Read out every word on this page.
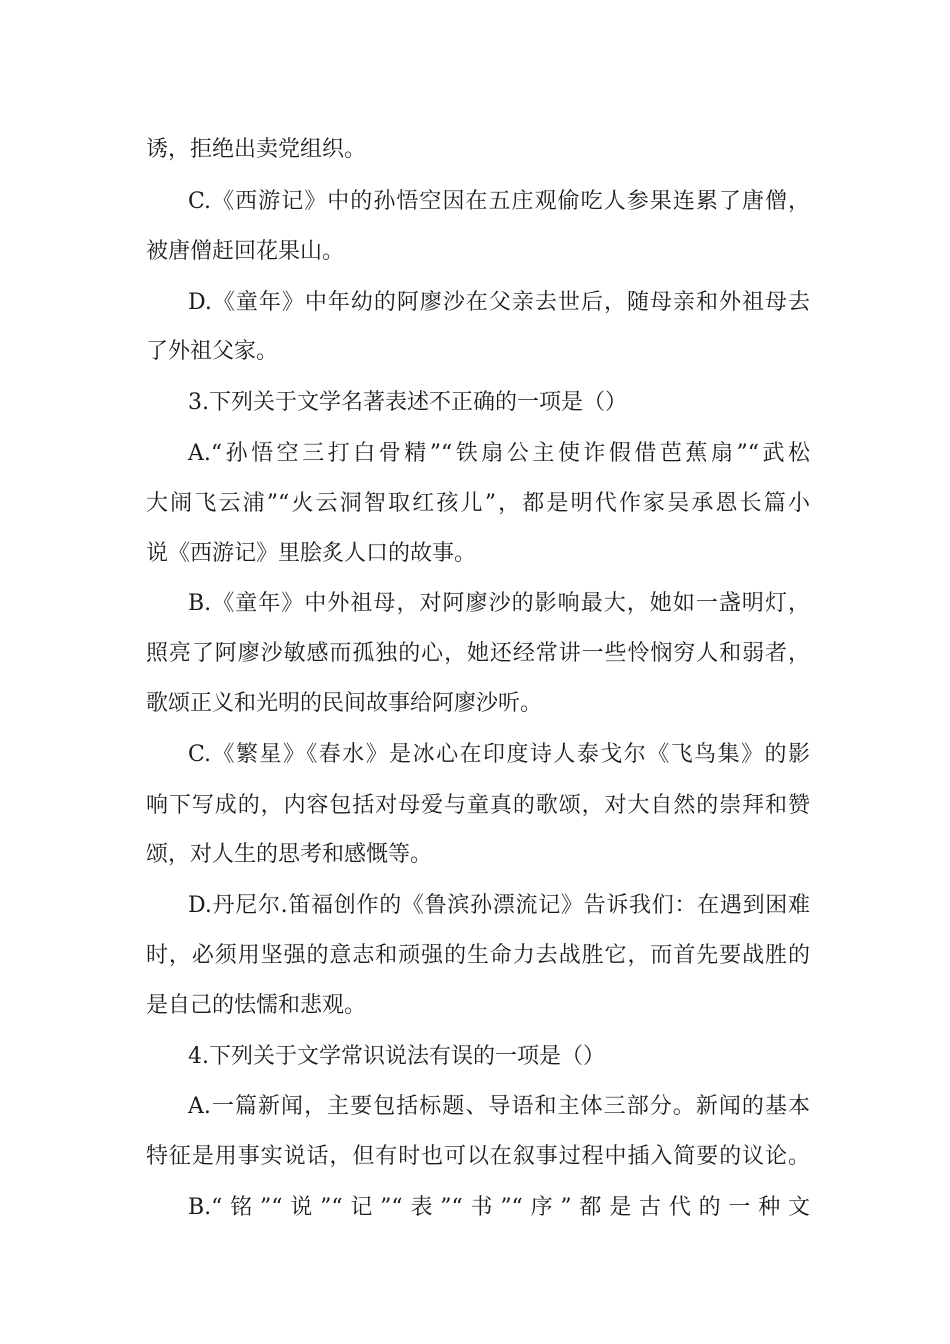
诱，拒绝出卖党组织。
C.《西游记》中的孙悟空因在五庄观偷吃人参果连累了唐僧，
被唐僧赶回花果山。
D.《童年》中年幼的阿廖沙在父亲去世后，随母亲和外祖母去
了外祖父家。
3.下列关于文学名著表述不正确的一项是（）
A.“孙悟空三打白骨精”“铁扇公主使诈假借芭蕉扇”“武松
大闹飞云浦”“火云洞智取红孩儿”，都是明代作家吴承恩长篇小
说《西游记》里脍炙人口的故事。
B.《童年》中外祖母，对阿廖沙的影响最大，她如一盏明灯，
照亮了阿廖沙敏感而孤独的心，她还经常讲一些怜悯穷人和弱者，
歌颂正义和光明的民间故事给阿廖沙听。
C.《繁星》《春水》是冰心在印度诗人泰戈尔《飞鸟集》的影
响下写成的，内容包括对母爱与童真的歌颂，对大自然的崇拜和赞
颂，对人生的思考和感慨等。
D.丹尼尔.笛福创作的《鲁滨孙漂流记》告诉我们：在遇到困难
时，必须用坚强的意志和顽强的生命力去战胜它，而首先要战胜的
是自己的怯懦和悲观。
4.下列关于文学常识说法有误的一项是（）
A.一篇新闻，主要包括标题、导语和主体三部分。新闻的基本
特征是用事实说话，但有时也可以在叙事过程中插入简要的议论。
B.“铭”“说”“记”“表”“书”“序”都是古代的一种文
